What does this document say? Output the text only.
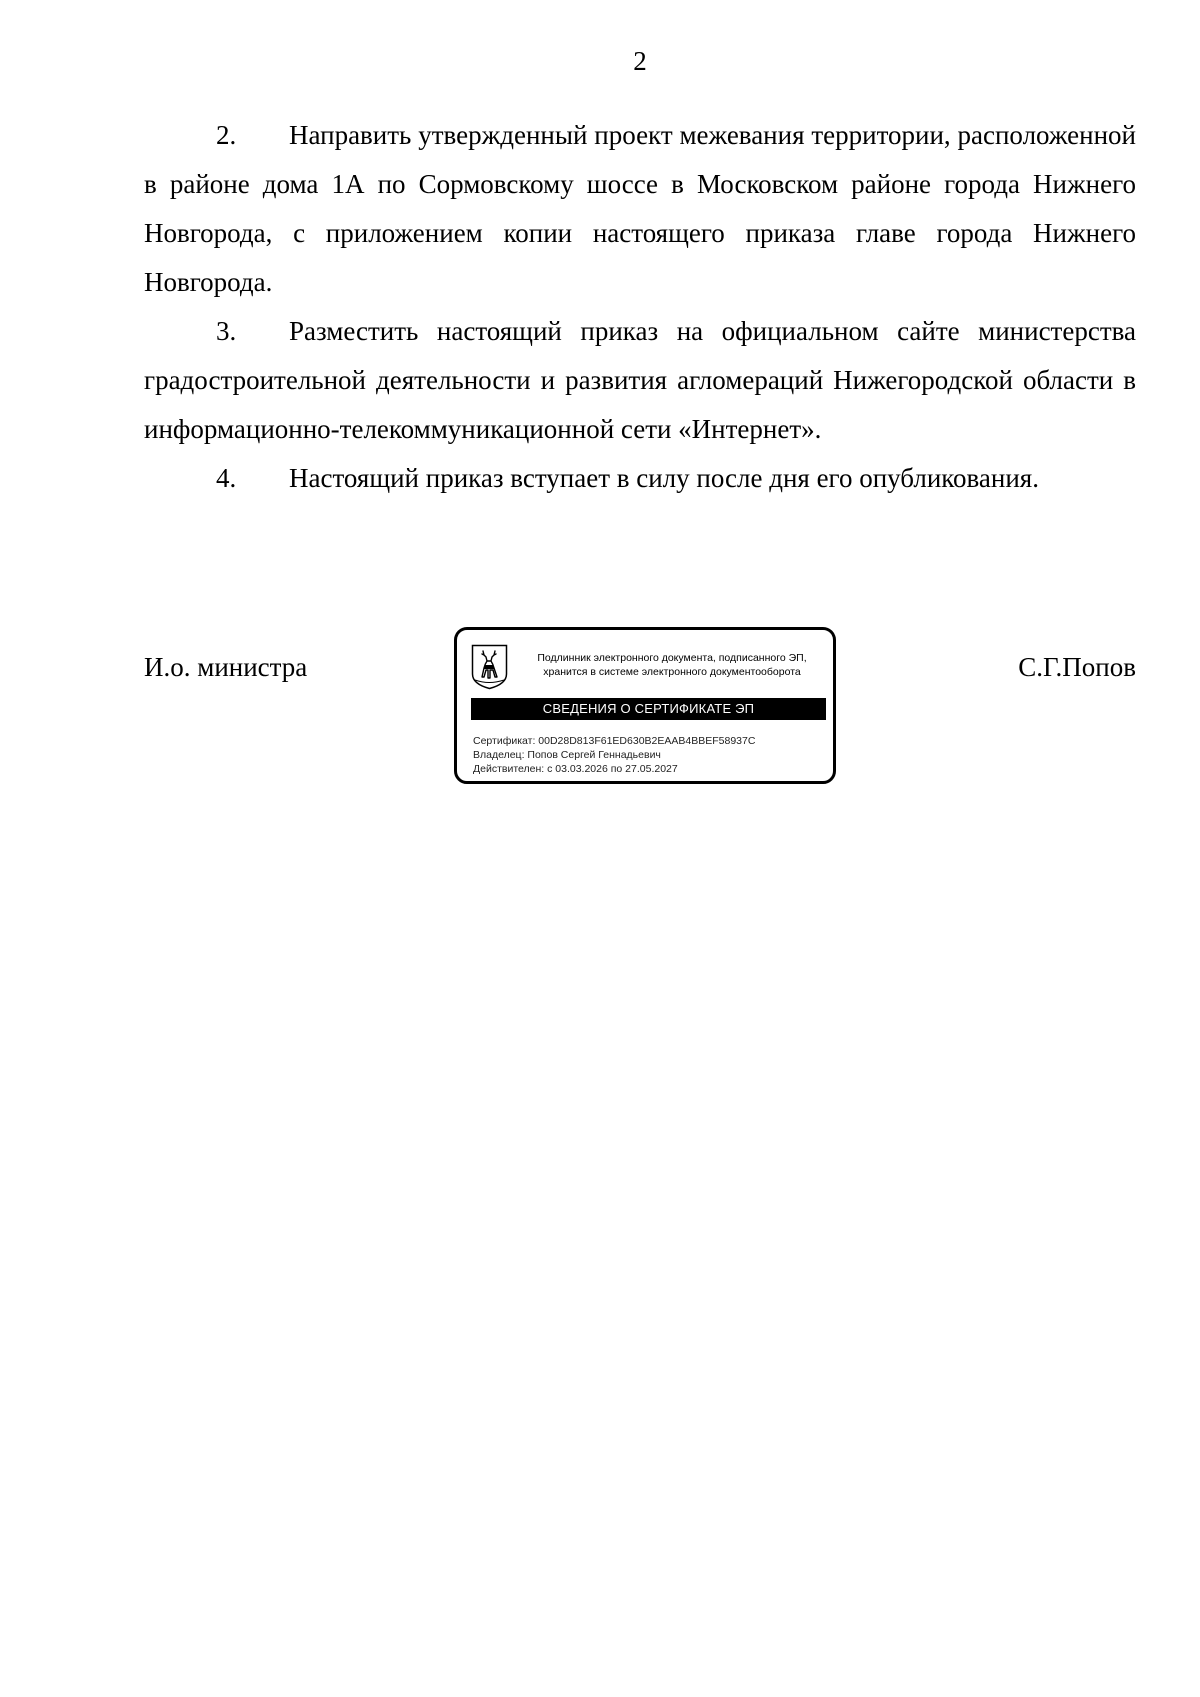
2

2. Направить утвержденный проект межевания территории, расположенной в районе дома 1А по Сормовскому шоссе в Московском районе города Нижнего Новгорода, с приложением копии настоящего приказа главе города Нижнего Новгорода.

3. Разместить настоящий приказ на официальном сайте министерства градостроительной деятельности и развития агломераций Нижегородской области в информационно-телекоммуникационной сети «Интернет».

4. Настоящий приказ вступает в силу после дня его опубликования.

И.о. министра	С.Г.Попов
Подлинник электронного документа, подписанного ЭП,
хранится в системе электронного документооборота
СВЕДЕНИЯ О СЕРТИФИКАТЕ ЭП
Сертификат: 00D28D813F61ED630B2EAAB4BBEF58937C
Владелец: Попов Сергей Геннадьевич
Действителен: с 03.03.2026 по 27.05.2027
